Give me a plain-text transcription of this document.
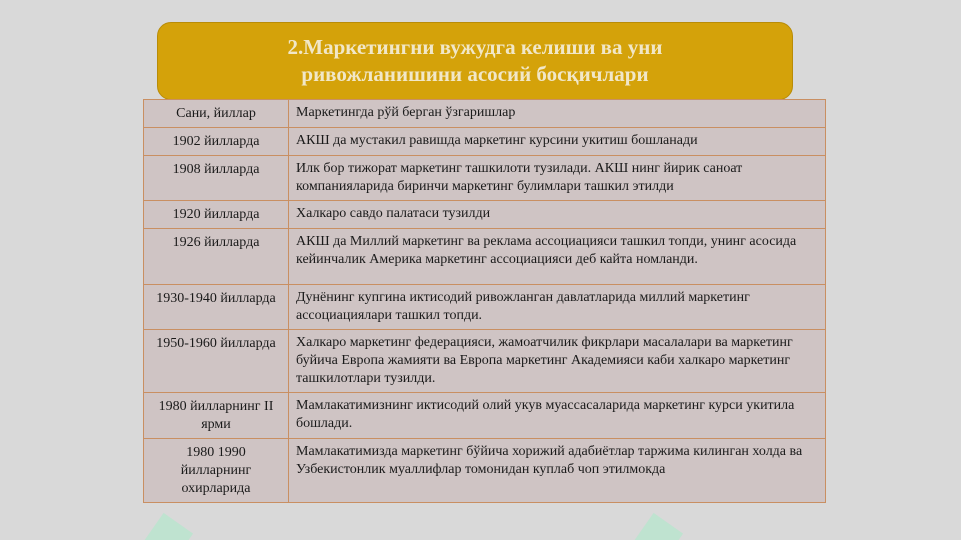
2.Маркетингни вужудга келиши ва уни
ривожланишини асосий босқичлари
Сани, йиллар	Маркетингда рўй берган ўзгаришлар
1902 йилларда	АКШ да мустакил равишда маркетинг курсини укитиш бошланади
1908 йилларда	Илк бор тижорат маркетинг ташкилоти тузилади. АКШ нинг йирик саноат компанияларида биринчи маркетинг булимлари ташкил этилди
1920 йилларда	Халкаро савдо палатаси тузилди
1926 йилларда	АКШ да Миллий маркетинг ва реклама ассоциацияси ташкил топди, унинг асосида кейинчалик Америка маркетинг ассоциацияси деб кайта номланди.
1930-1940 йилларда	Дунёнинг купгина иктисодий ривожланган давлатларида миллий маркетинг ассоциациялари ташкил топди.
1950-1960 йилларда	Халкаро маркетинг федерацияси, жамоатчилик фикрлари масалалари ва маркетинг буйича Европа жамияти ва Европа маркетинг Академияси каби халкаро маркетинг ташкилотлари тузилди.
1980 йилларнинг II ярми	Мамлакатимизнинг иктисодий олий укув муассасаларида маркетинг курси укитила бошлади.
1980 1990 йилларнинг охирларида	Мамлакатимизда маркетинг бўйича хорижий адабиётлар таржима килинган холда ва Узбекистонлик муаллифлар томонидан куплаб чоп этилмокда
